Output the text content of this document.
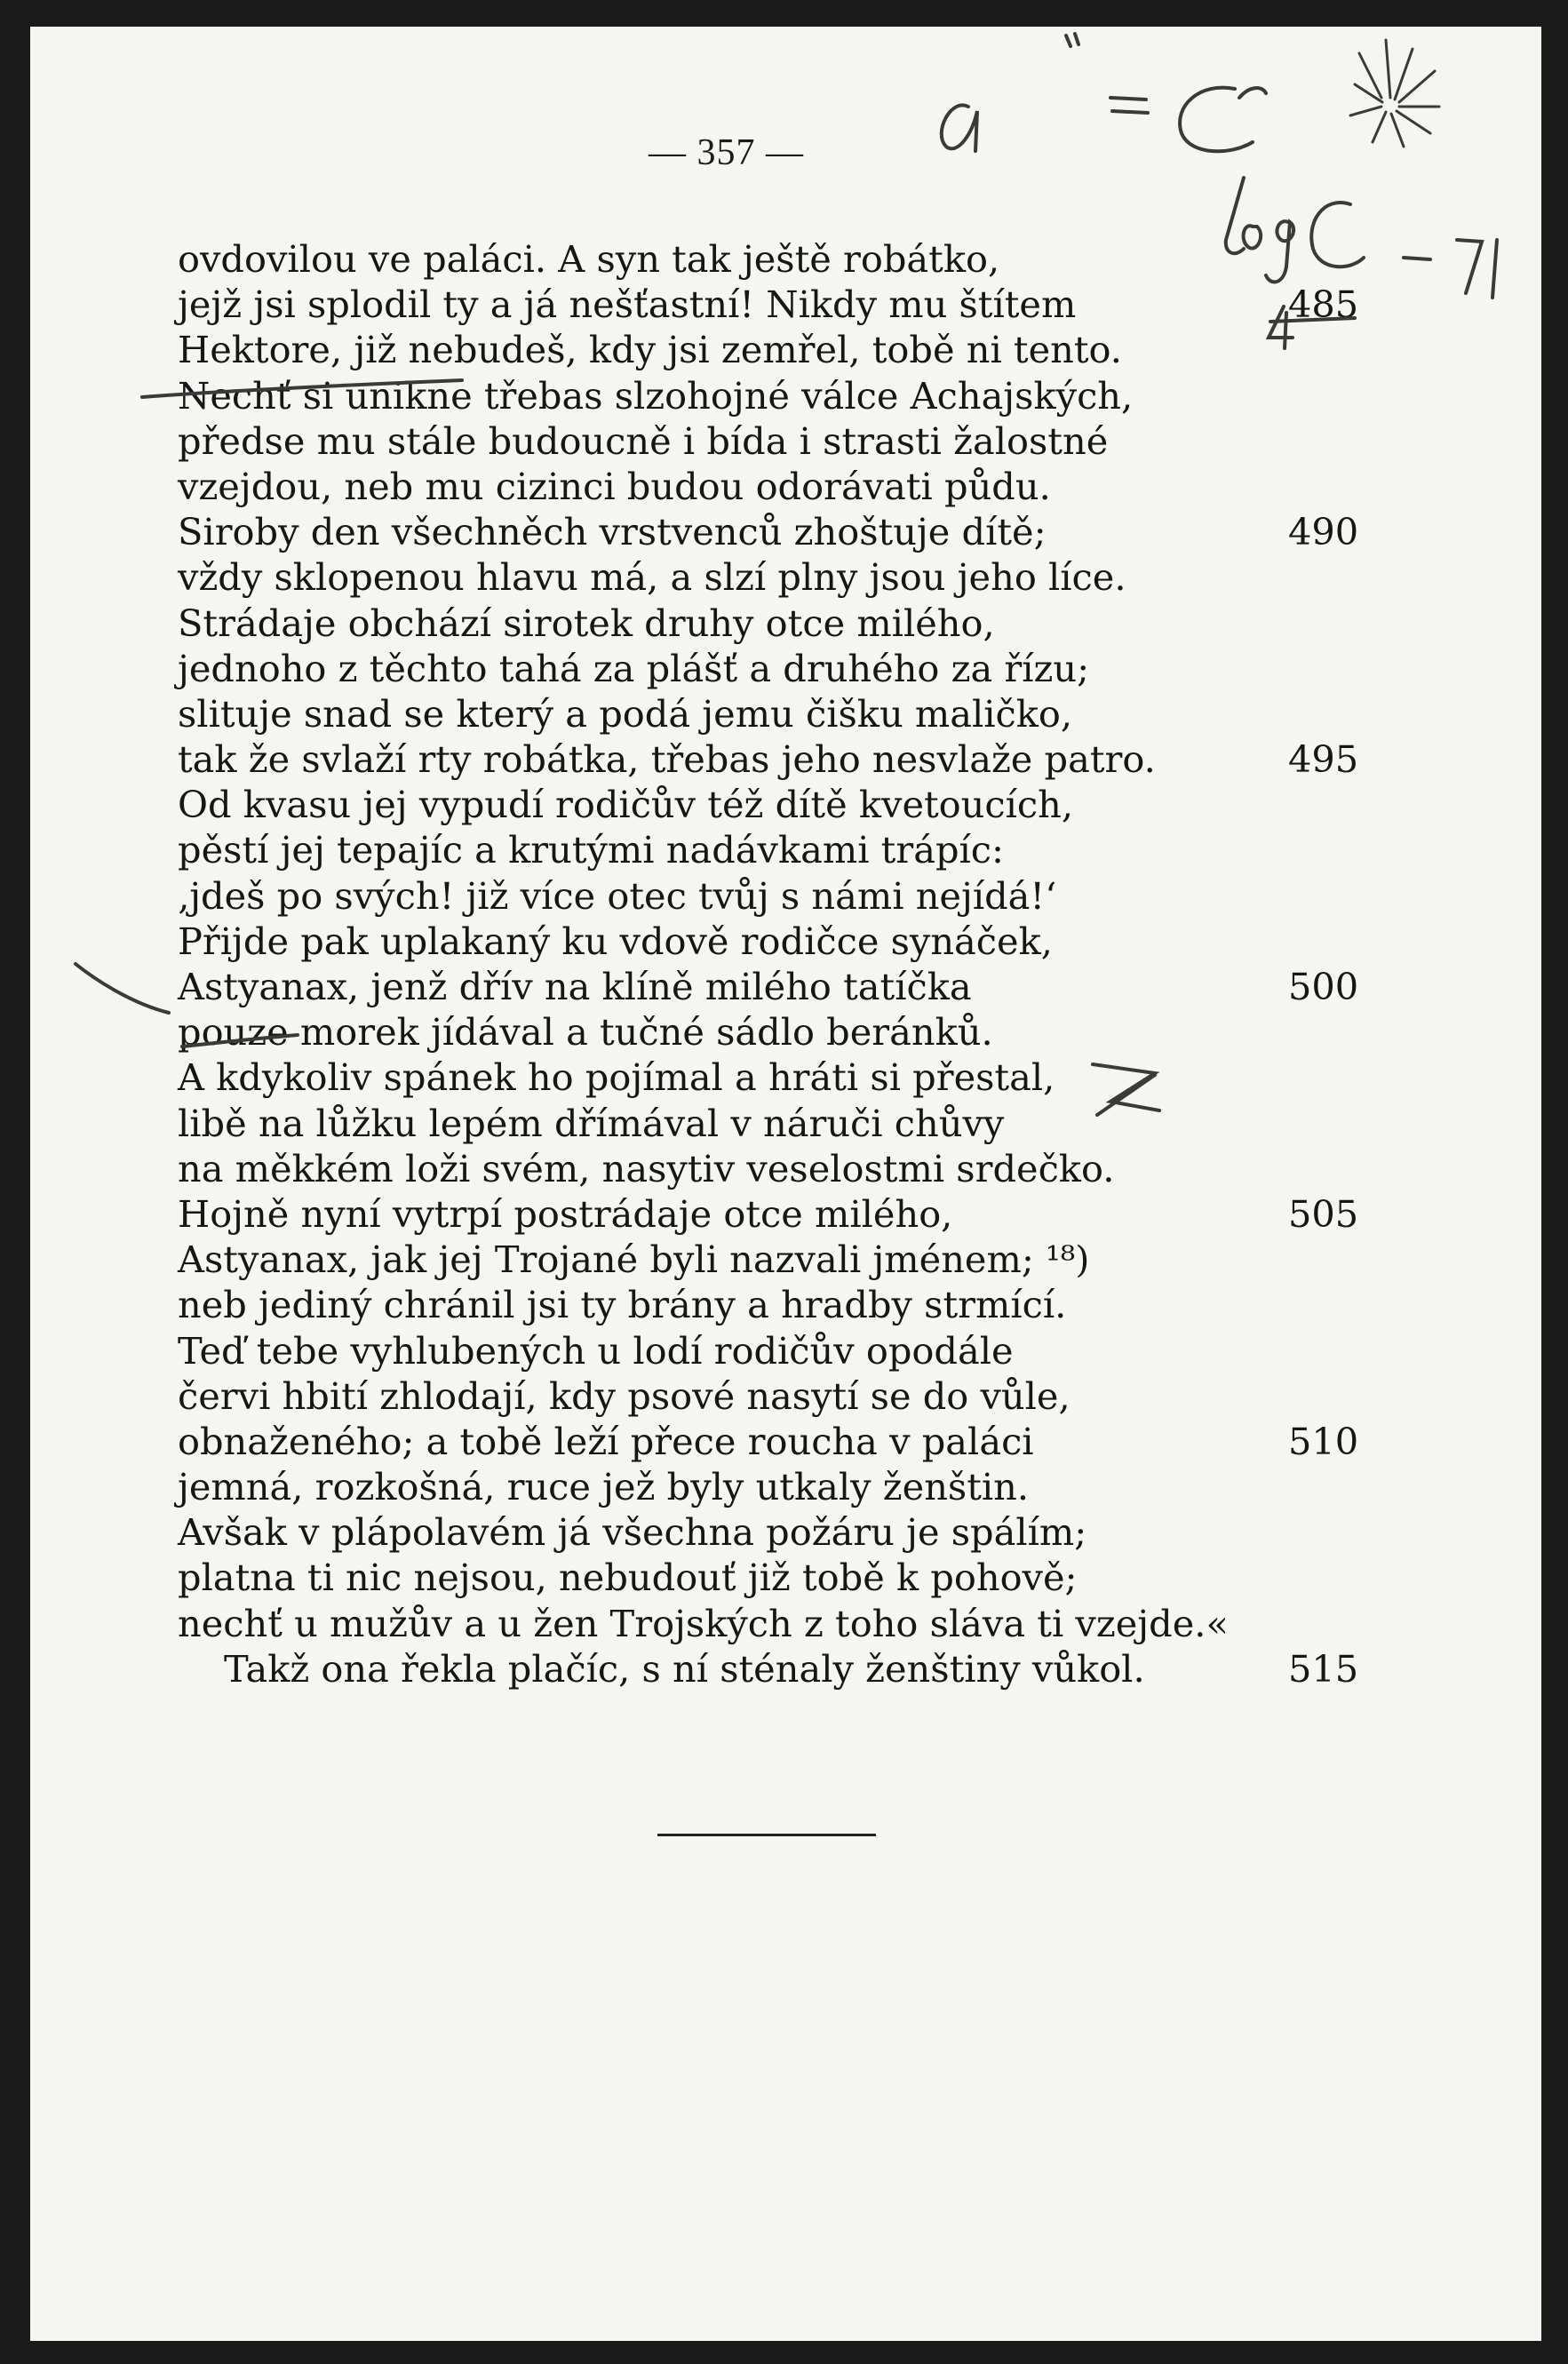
— 357 —
ovdovilou ve paláci. A syn tak ještě robátko,
jejž jsi splodil ty a já nešťastní! Nikdy mu štítem	485
Hektore, již nebudeš, kdy jsi zemřel, tobě ni tento.
Nechť si unikne třebas slzohojné válce Achajských,
předse mu stále budoucně i bída i strasti žalostné
vzejdou, neb mu cizinci budou odorávati půdu.
Siroby den všechněch vrstvenců zhoštuje dítě;	490
vždy sklopenou hlavu má, a slzí plny jsou jeho líce.
Strádaje obchází sirotek druhy otce milého,
jednoho z těchto tahá za plášť a druhého za řízu;
slituje snad se který a podá jemu čišku maličko,
tak že svlaží rty robátka, třebas jeho nesvlaže patro.	495
Od kvasu jej vypudí rodičův též dítě kvetoucích,
pěstí jej tepajíc a krutými nadávkami trápíc:
‚jdeš po svých! již více otec tvůj s námi nejídá!‘
Přijde pak uplakaný ku vdově rodičce synáček,
Astyanax, jenž dřív na klíně milého tatíčka	500
pouze morek jídával a tučné sádlo beránků.
A kdykoliv spánek ho pojímal a hráti si přestal,
libě na lůžku lepém dřímával v náruči chůvy
na měkkém loži svém, nasytiv veselostmi srdečko.
Hojně nyní vytrpí postrádaje otce milého,	505
Astyanax, jak jej Trojané byli nazvali jménem; ¹⁸)
neb jediný chránil jsi ty brány a hradby strmící.
Teď tebe vyhlubených u lodí rodičův opodále
červi hbití zhlodají, kdy psové nasytí se do vůle,
obnaženého; a tobě leží přece roucha v paláci	510
jemná, rozkošná, ruce jež byly utkaly ženštin.
Avšak v plápolavém já všechna požáru je spálím;
platna ti nic nejsou, nebudouť již tobě k pohově;
nechť u mužův a u žen Trojských z toho sláva ti vzejde.«
Takž ona řekla plačíc, s ní sténaly ženštiny vůkol.	515
